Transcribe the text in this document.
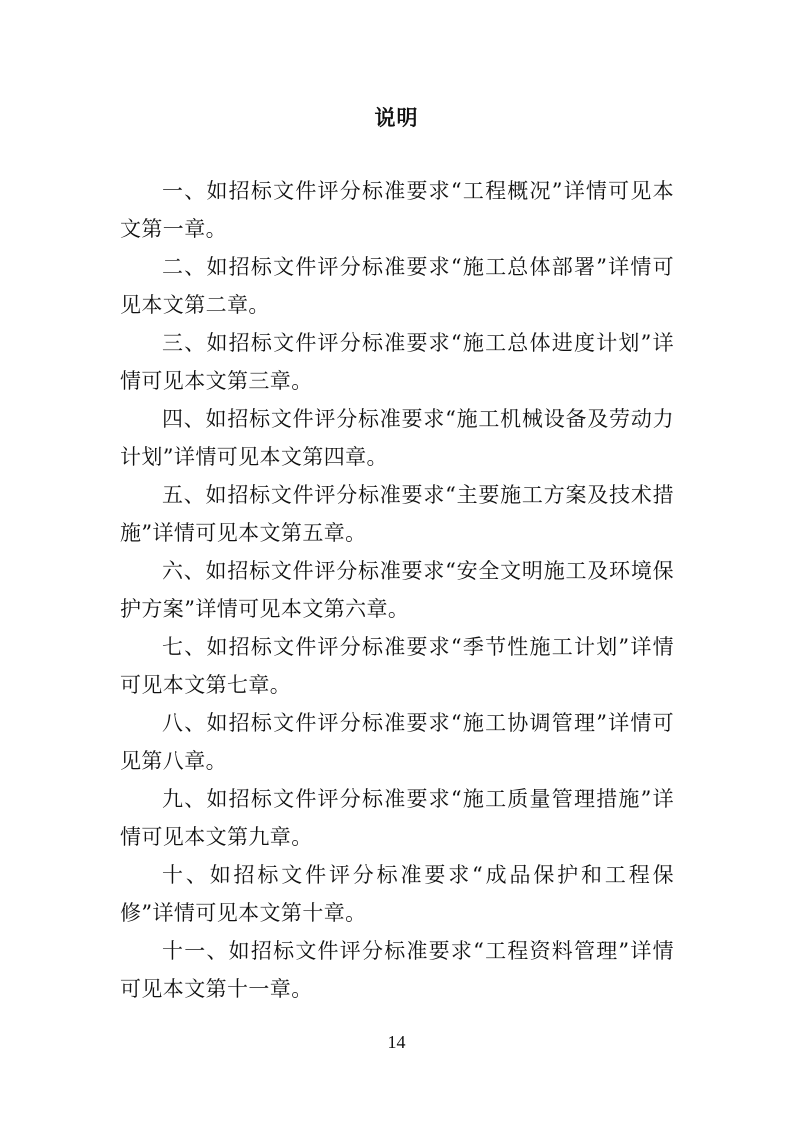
说明

一、如招标文件评分标准要求“工程概况”详情可见本文第一章。

二、如招标文件评分标准要求“施工总体部署”详情可见本文第二章。

三、如招标文件评分标准要求“施工总体进度计划”详情可见本文第三章。

四、如招标文件评分标准要求“施工机械设备及劳动力计划”详情可见本文第四章。

五、如招标文件评分标准要求“主要施工方案及技术措施”详情可见本文第五章。

六、如招标文件评分标准要求“安全文明施工及环境保护方案”详情可见本文第六章。

七、如招标文件评分标准要求“季节性施工计划”详情可见本文第七章。

八、如招标文件评分标准要求“施工协调管理”详情可见第八章。

九、如招标文件评分标准要求“施工质量管理措施”详情可见本文第九章。

十、如招标文件评分标准要求“成品保护和工程保修”详情可见本文第十章。

十一、如招标文件评分标准要求“工程资料管理”详情可见本文第十一章。

14
